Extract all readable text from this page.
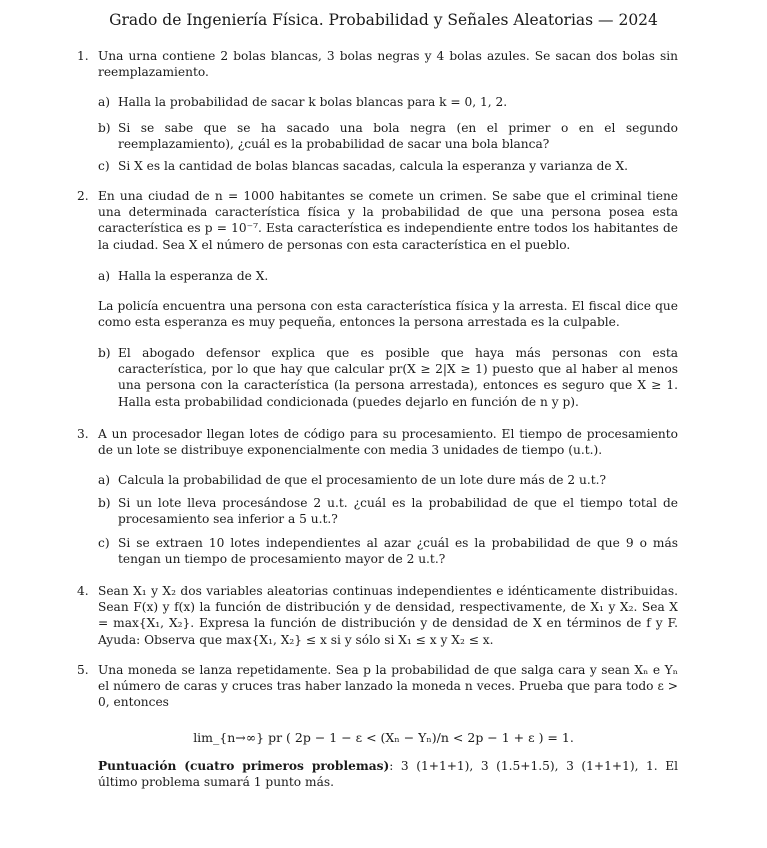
Grado de Ingeniería Física. Probabilidad y Señales Aleatorias — 2024
1. Una urna contiene 2 bolas blancas, 3 bolas negras y 4 bolas azules. Se sacan dos bolas sin reemplazamiento.
a) Halla la probabilidad de sacar k bolas blancas para k = 0, 1, 2.
b) Si se sabe que se ha sacado una bola negra (en el primer o en el segundo reemplazamiento), ¿cuál es la probabilidad de sacar una bola blanca?
c) Si X es la cantidad de bolas blancas sacadas, calcula la esperanza y varianza de X.
2. En una ciudad de n = 1000 habitantes se comete un crimen. Se sabe que el criminal tiene una determinada característica física y la probabilidad de que una persona posea esta característica es p = 10⁻⁷. Esta característica es independiente entre todos los habitantes de la ciudad. Sea X el número de personas con esta característica en el pueblo.
a) Halla la esperanza de X.
La policía encuentra una persona con esta característica física y la arresta. El fiscal dice que como esta esperanza es muy pequeña, entonces la persona arrestada es la culpable.
b) El abogado defensor explica que es posible que haya más personas con esta característica, por lo que hay que calcular pr(X ≥ 2|X ≥ 1) puesto que al haber al menos una persona con la característica (la persona arrestada), entonces es seguro que X ≥ 1. Halla esta probabilidad condicionada (puedes dejarlo en función de n y p).
3. A un procesador llegan lotes de código para su procesamiento. El tiempo de procesamiento de un lote se distribuye exponencialmente con media 3 unidades de tiempo (u.t.).
a) Calcula la probabilidad de que el procesamiento de un lote dure más de 2 u.t.?
b) Si un lote lleva procesándose 2 u.t. ¿cuál es la probabilidad de que el tiempo total de procesamiento sea inferior a 5 u.t.?
c) Si se extraen 10 lotes independientes al azar ¿cuál es la probabilidad de que 9 o más tengan un tiempo de procesamiento mayor de 2 u.t.?
4. Sean X₁ y X₂ dos variables aleatorias continuas independientes e idénticamente distribuidas. Sean F(x) y f(x) la función de distribución y de densidad, respectivamente, de X₁ y X₂. Sea X = max{X₁, X₂}. Expresa la función de distribución y de densidad de X en términos de f y F. Ayuda: Observa que max{X₁, X₂} ≤ x si y sólo si X₁ ≤ x y X₂ ≤ x.
5. Una moneda se lanza repetidamente. Sea p la probabilidad de que salga cara y sean Xₙ e Yₙ el número de caras y cruces tras haber lanzado la moneda n veces. Prueba que para todo ε > 0, entonces
lim_{n→∞} pr ( 2p − 1 − ε < (Xₙ − Yₙ)/n < 2p − 1 + ε ) = 1.
Puntuación (cuatro primeros problemas): 3 (1+1+1), 3 (1.5+1.5), 3 (1+1+1), 1. El último problema sumará 1 punto más.
